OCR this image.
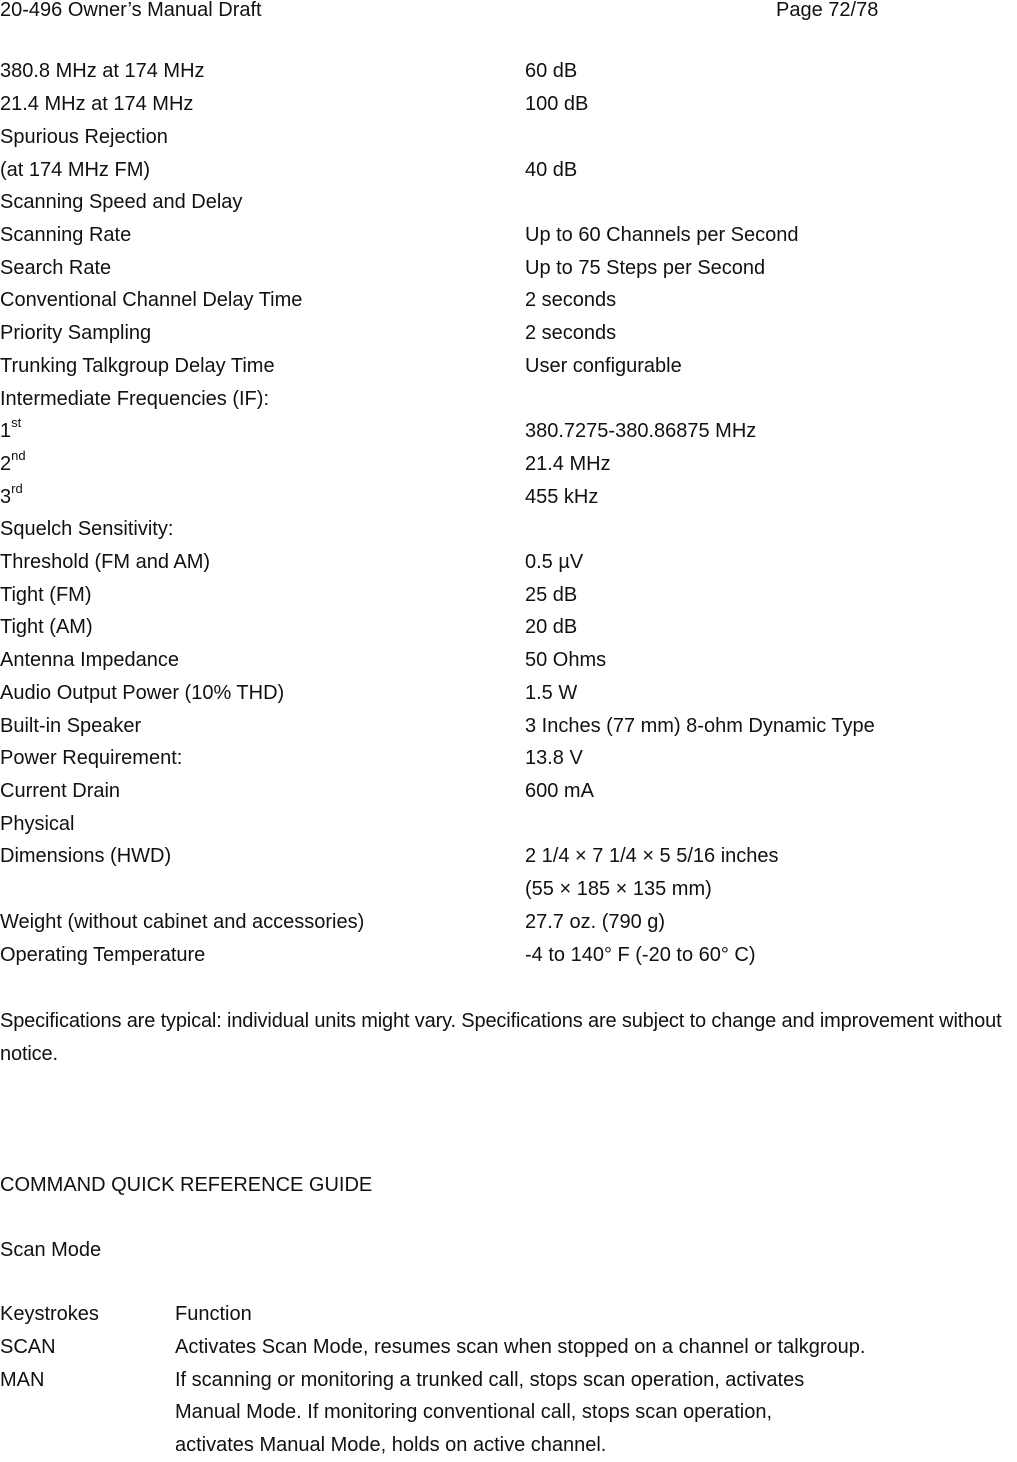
20-496 Owner’s Manual Draft	Page 72/78
380.8 MHz at 174 MHz	60 dB
21.4 MHz at 174 MHz	100 dB
Spurious Rejection
(at 174 MHz FM)	40 dB
Scanning Speed and Delay
Scanning Rate	Up to 60 Channels per Second
Search Rate	Up to 75 Steps per Second
Conventional Channel Delay Time	2 seconds
Priority Sampling	2 seconds
Trunking Talkgroup Delay Time	User configurable
Intermediate Frequencies (IF):
1st	380.7275-380.86875 MHz
2nd	21.4 MHz
3rd	455 kHz
Squelch Sensitivity:
Threshold (FM and AM)	0.5 µV
Tight (FM)	25 dB
Tight (AM)	20 dB
Antenna Impedance	50 Ohms
Audio Output Power (10% THD)	1.5 W
Built-in Speaker	3 Inches (77 mm) 8-ohm Dynamic Type
Power Requirement:	13.8 V
Current Drain	600 mA
Physical
Dimensions (HWD)	2 1/4 × 7 1/4 × 5 5/16 inches
(55 × 185 × 135 mm)
Weight (without cabinet and accessories)	27.7 oz. (790 g)
Operating Temperature	-4 to 140° F (-20 to 60° C)
Specifications are typical: individual units might vary. Specifications are subject to change and improvement without notice.
COMMAND QUICK REFERENCE GUIDE
Scan Mode
Keystrokes	Function
SCAN	Activates Scan Mode, resumes scan when stopped on a channel or talkgroup.
MAN	If scanning or monitoring a trunked call, stops scan operation, activates
Manual Mode. If monitoring conventional call, stops scan operation,
activates Manual Mode, holds on active channel.
